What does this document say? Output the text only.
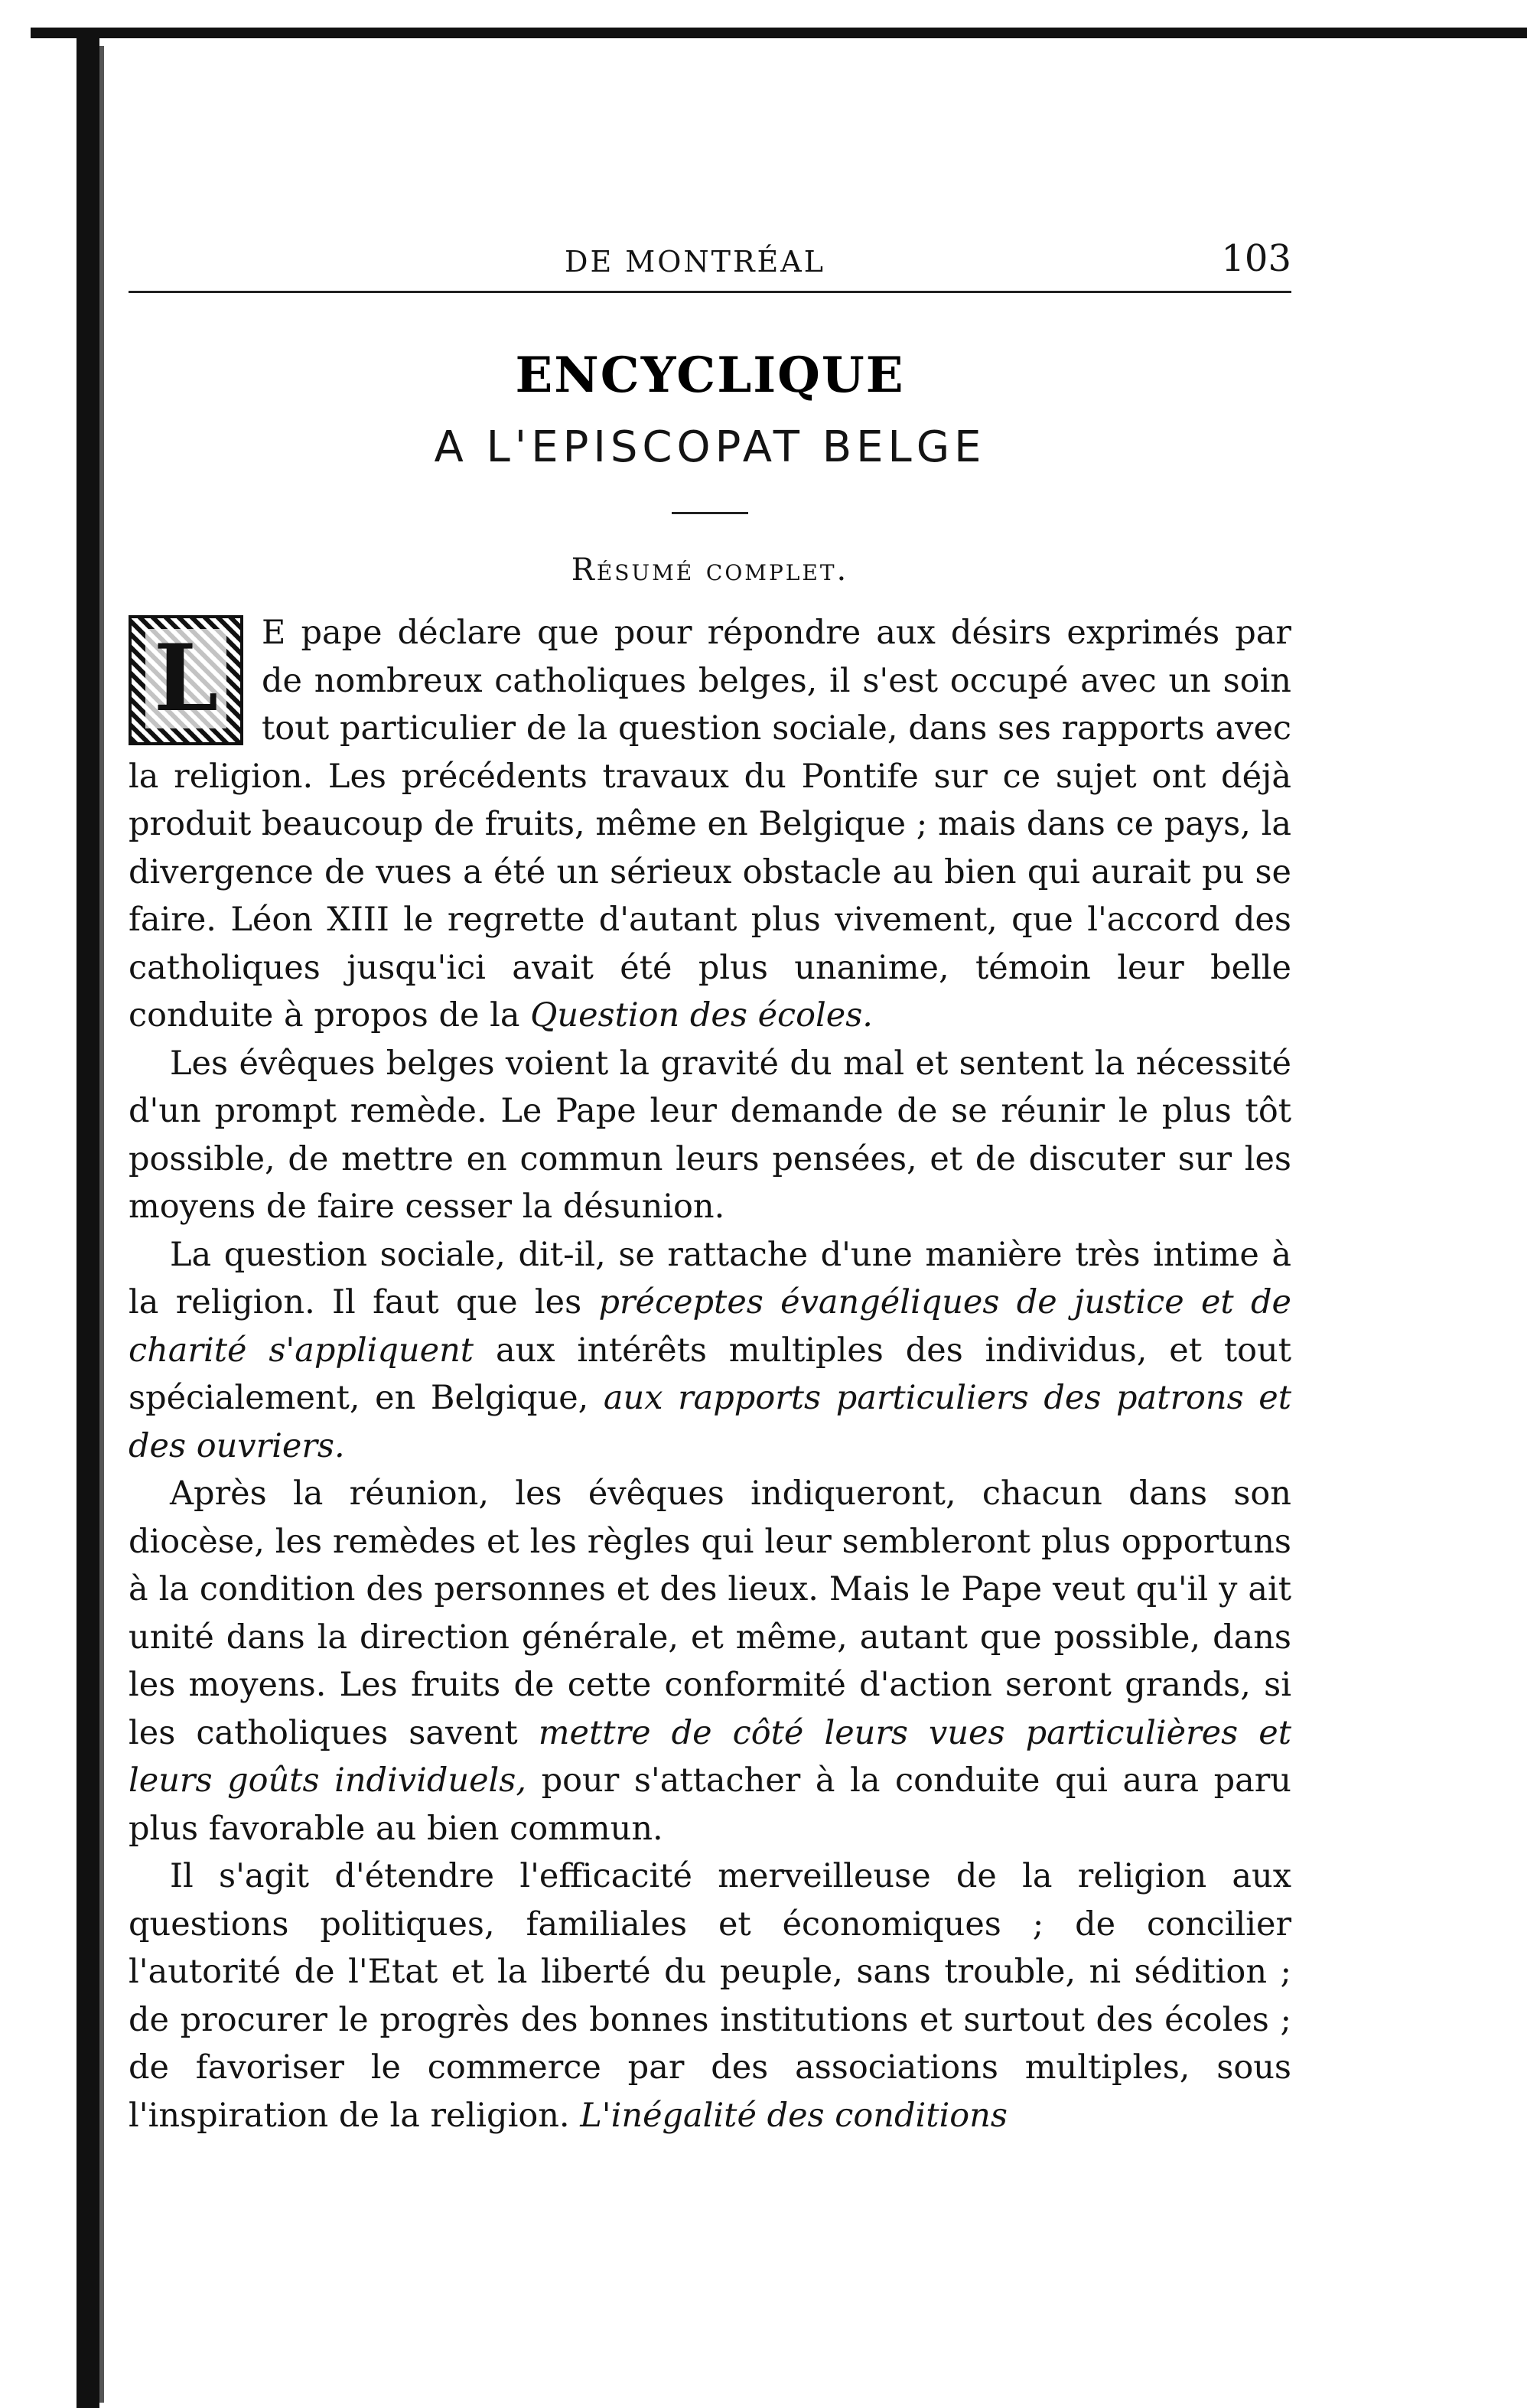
DE MONTRÉAL	103
ENCYCLIQUE
A L'EPISCOPAT BELGE
Résumé complet.

L E pape déclare que pour répondre aux désirs exprimés par de nombreux catholiques belges, il s'est occupé avec un soin tout particulier de la question sociale, dans ses rapports avec la religion. Les précédents travaux du Pontife sur ce sujet ont déjà produit beaucoup de fruits, même en Belgique ; mais dans ce pays, la divergence de vues a été un sérieux obstacle au bien qui aurait pu se faire. Léon XIII le regrette d'autant plus vivement, que l'accord des catholiques jusqu'ici avait été plus unanime, témoin leur belle conduite à propos de la Question des écoles.

Les évêques belges voient la gravité du mal et sentent la nécessité d'un prompt remède. Le Pape leur demande de se réunir le plus tôt possible, de mettre en commun leurs pensées, et de discuter sur les moyens de faire cesser la désunion.

La question sociale, dit-il, se rattache d'une manière très intime à la religion. Il faut que les préceptes évangéliques de justice et de charité s'appliquent aux intérêts multiples des individus, et tout spécialement, en Belgique, aux rapports particuliers des patrons et des ouvriers.

Après la réunion, les évêques indiqueront, chacun dans son diocèse, les remèdes et les règles qui leur sembleront plus opportuns à la condition des personnes et des lieux. Mais le Pape veut qu'il y ait unité dans la direction générale, et même, autant que possible, dans les moyens. Les fruits de cette conformité d'action seront grands, si les catholiques savent mettre de côté leurs vues particulières et leurs goûts individuels, pour s'attacher à la conduite qui aura paru plus favorable au bien commun.

Il s'agit d'étendre l'efficacité merveilleuse de la religion aux questions politiques, familiales et économiques ; de concilier l'autorité de l'Etat et la liberté du peuple, sans trouble, ni sédition ; de procurer le progrès des bonnes institutions et surtout des écoles ; de favoriser le commerce par des associations multiples, sous l'inspiration de la religion. L'inégalité des conditions
